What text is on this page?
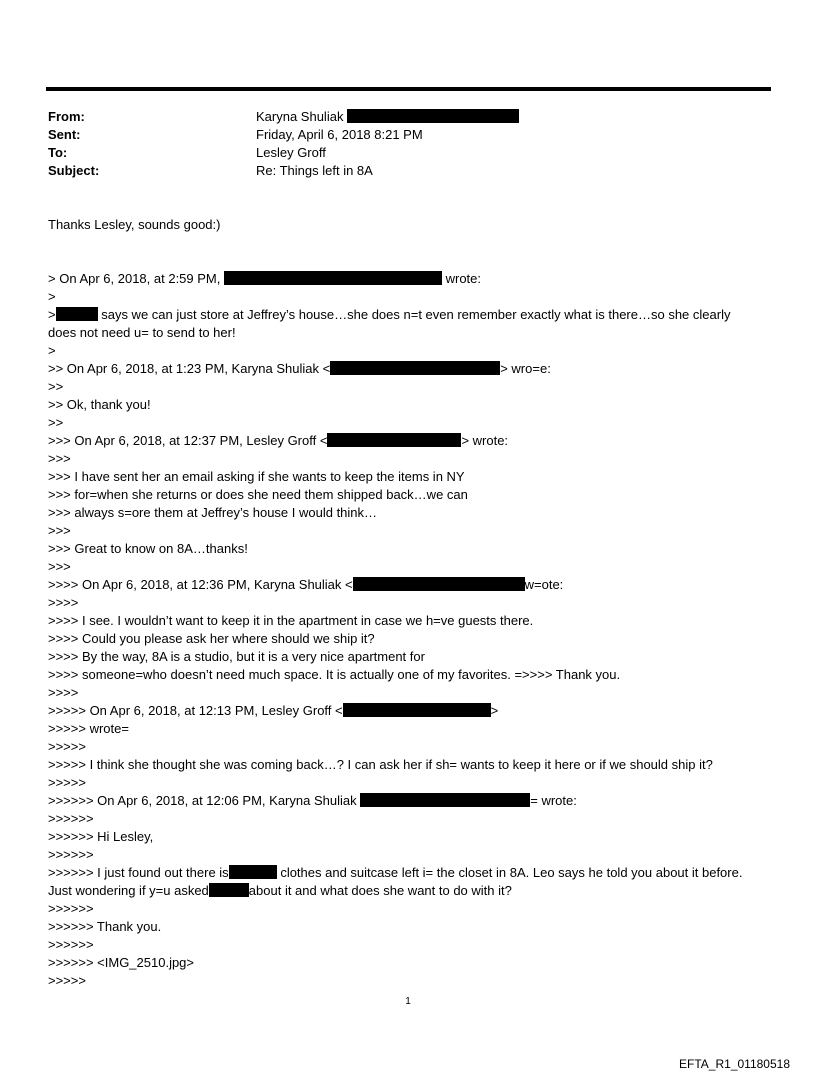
From:	Karyna Shuliak
Sent:	Friday, April 6, 2018 8:21 PM
To:	Lesley Groff
Subject:	Re: Things left in 8A
Thanks Lesley, sounds good:)
> On Apr 6, 2018, at 2:59 PM,	wrote:
>
>	says we can just store at Jeffrey’s house…she does n=t even remember exactly what is there…so she clearly
does not need u= to send to her!
>
>> On Apr 6, 2018, at 1:23 PM, Karyna Shuliak <	> wro=e:
>>
>> Ok, thank you!
>>
>>> On Apr 6, 2018, at 12:37 PM, Lesley Groff <	> wrote:
>>>
>>> I have sent her an email asking if she wants to keep the items in NY
>>> for=when she returns or does she need them shipped back…we can
>>> always s=ore them at Jeffrey’s house I would think…
>>>
>>> Great to know on 8A…thanks!
>>>
>>>> On Apr 6, 2018, at 12:36 PM, Karyna Shuliak <	w=ote:
>>>>
>>>> I see. I wouldn’t want to keep it in the apartment in case we h=ve guests there.
>>>> Could you please ask her where should we ship it?
>>>> By the way, 8A is a studio, but it is a very nice apartment for
>>>> someone=who doesn’t need much space. It is actually one of my favorites. =>>>> Thank you.
>>>>
>>>>> On Apr 6, 2018, at 12:13 PM, Lesley Groff <	>
>>>>> wrote=
>>>>>
>>>>> I think she thought she was coming back…? I can ask her if sh= wants to keep it here or if we should ship it?
>>>>>
>>>>>> On Apr 6, 2018, at 12:06 PM, Karyna Shuliak	= wrote:
>>>>>>
>>>>>> Hi Lesley,
>>>>>>
>>>>>> I just found out there is	clothes and suitcase left i= the closet in 8A. Leo says he told you about it before.
Just wondering if y=u asked	about it and what does she want to do with it?
>>>>>>
>>>>>> Thank you.
>>>>>>
>>>>>> <IMG_2510.jpg>
>>>>>
1
EFTA_R1_01180518
